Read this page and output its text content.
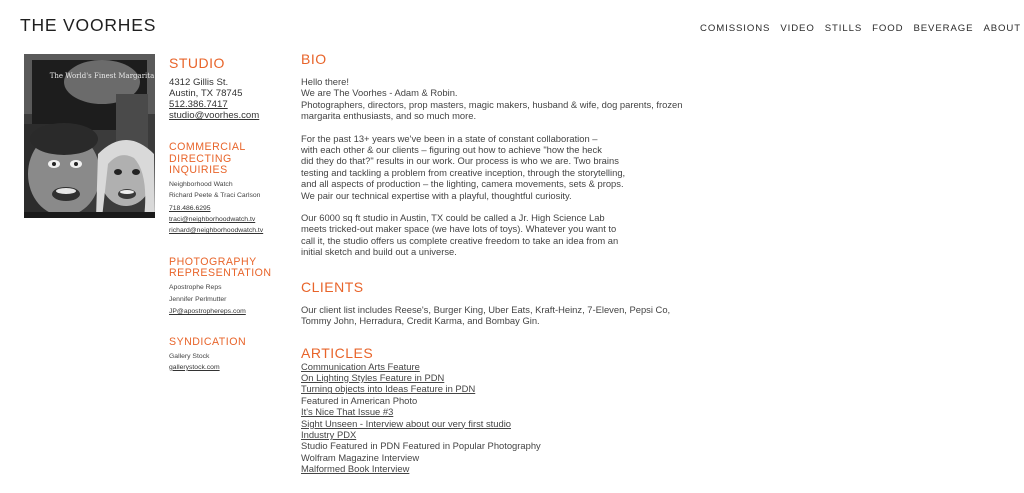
THE VOORHES	COMISSIONS VIDEO STILLS FOOD BEVERAGE ABOUT
The World's Finest Margarita
STUDIO
4312 Gillis St.
Austin, TX 78745
512.386.7417
studio@voorhes.com
COMMERCIAL
DIRECTING INQUIRIES
Neighborhood Watch
Richard Peete & Traci Carlson
718.486.6295
traci@neighborhoodwatch.tv
richard@neighborhoodwatch.tv
PHOTOGRAPHY
REPRESENTATION
Apostrophe Reps
Jennifer Perlmutter
JP@apostrophereps.com
SYNDICATION
Gallery Stock
gallerystock.com
BIO

Hello there!
We are The Voorhes - Adam & Robin.
Photographers, directors, prop masters, magic makers, husband & wife, dog parents, frozen
margarita enthusiasts, and so much more.

For the past 13+ years we've been in a state of constant collaboration –
with each other & our clients – figuring out how to achieve "how the heck
did they do that?" results in our work. Our process is who we are. Two brains
testing and tackling a problem from creative inception, through the storytelling,
and all aspects of production – the lighting, camera movements, sets & props.
We pair our technical expertise with a playful, thoughtful curiosity.

Our 6000 sq ft studio in Austin, TX could be called a Jr. High Science Lab
meets tricked-out maker space (we have lots of toys). Whatever you want to
call it, the studio offers us complete creative freedom to take an idea from an
initial sketch and build out a universe.

CLIENTS

Our client list includes Reese's, Burger King, Uber Eats, Kraft-Heinz, 7-Eleven, Pepsi Co,
Tommy John, Herradura, Credit Karma, and Bombay Gin.

ARTICLES
Communication Arts Feature
On Lighting Styles Feature in PDN
Turning objects into Ideas Feature in PDN
Featured in American Photo
It's Nice That Issue #3
Sight Unseen - Interview about our very first studio
Industry PDX
Studio Featured in PDN Featured in Popular Photography
Wolfram Magazine Interview
Malformed Book Interview
